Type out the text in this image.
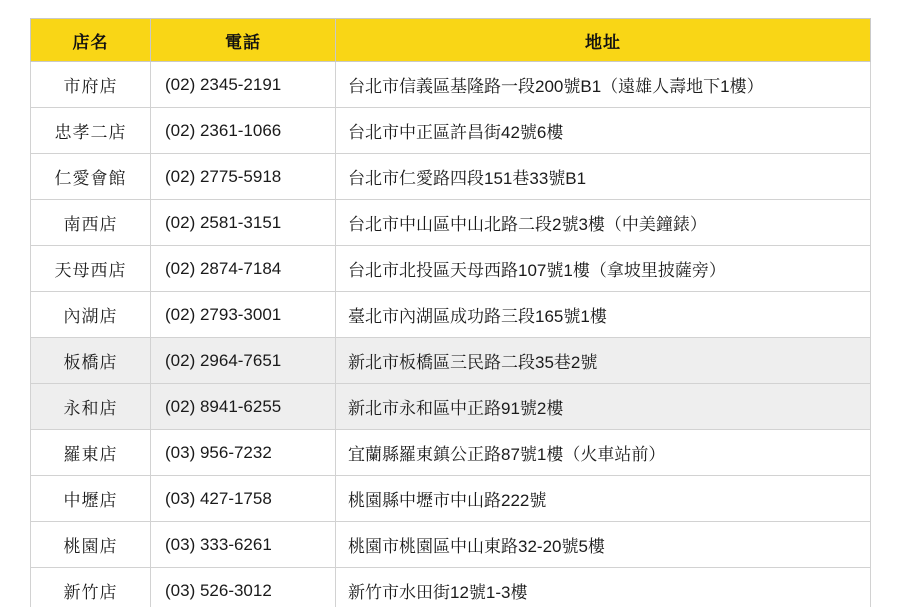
店名	電話	地址
市府店	(02) 2345-2191	台北市信義區基隆路一段200號B1（遠雄人壽地下1樓）
忠孝二店	(02) 2361-1066	台北市中正區許昌街42號6樓
仁愛會館	(02) 2775-5918	台北市仁愛路四段151巷33號B1
南西店	(02) 2581-3151	台北市中山區中山北路二段2號3樓（中美鐘錶）
天母西店	(02) 2874-7184	台北市北投區天母西路107號1樓（拿坡里披薩旁）
內湖店	(02) 2793-3001	臺北市內湖區成功路三段165號1樓
板橋店	(02) 2964-7651	新北市板橋區三民路二段35巷2號
永和店	(02) 8941-6255	新北市永和區中正路91號2樓
羅東店	(03) 956-7232	宜蘭縣羅東鎮公正路87號1樓（火車站前）
中壢店	(03) 427-1758	桃園縣中壢市中山路222號
桃園店	(03) 333-6261	桃園市桃園區中山東路32-20號5樓
新竹店	(03) 526-3012	新竹市水田街12號1-3樓
